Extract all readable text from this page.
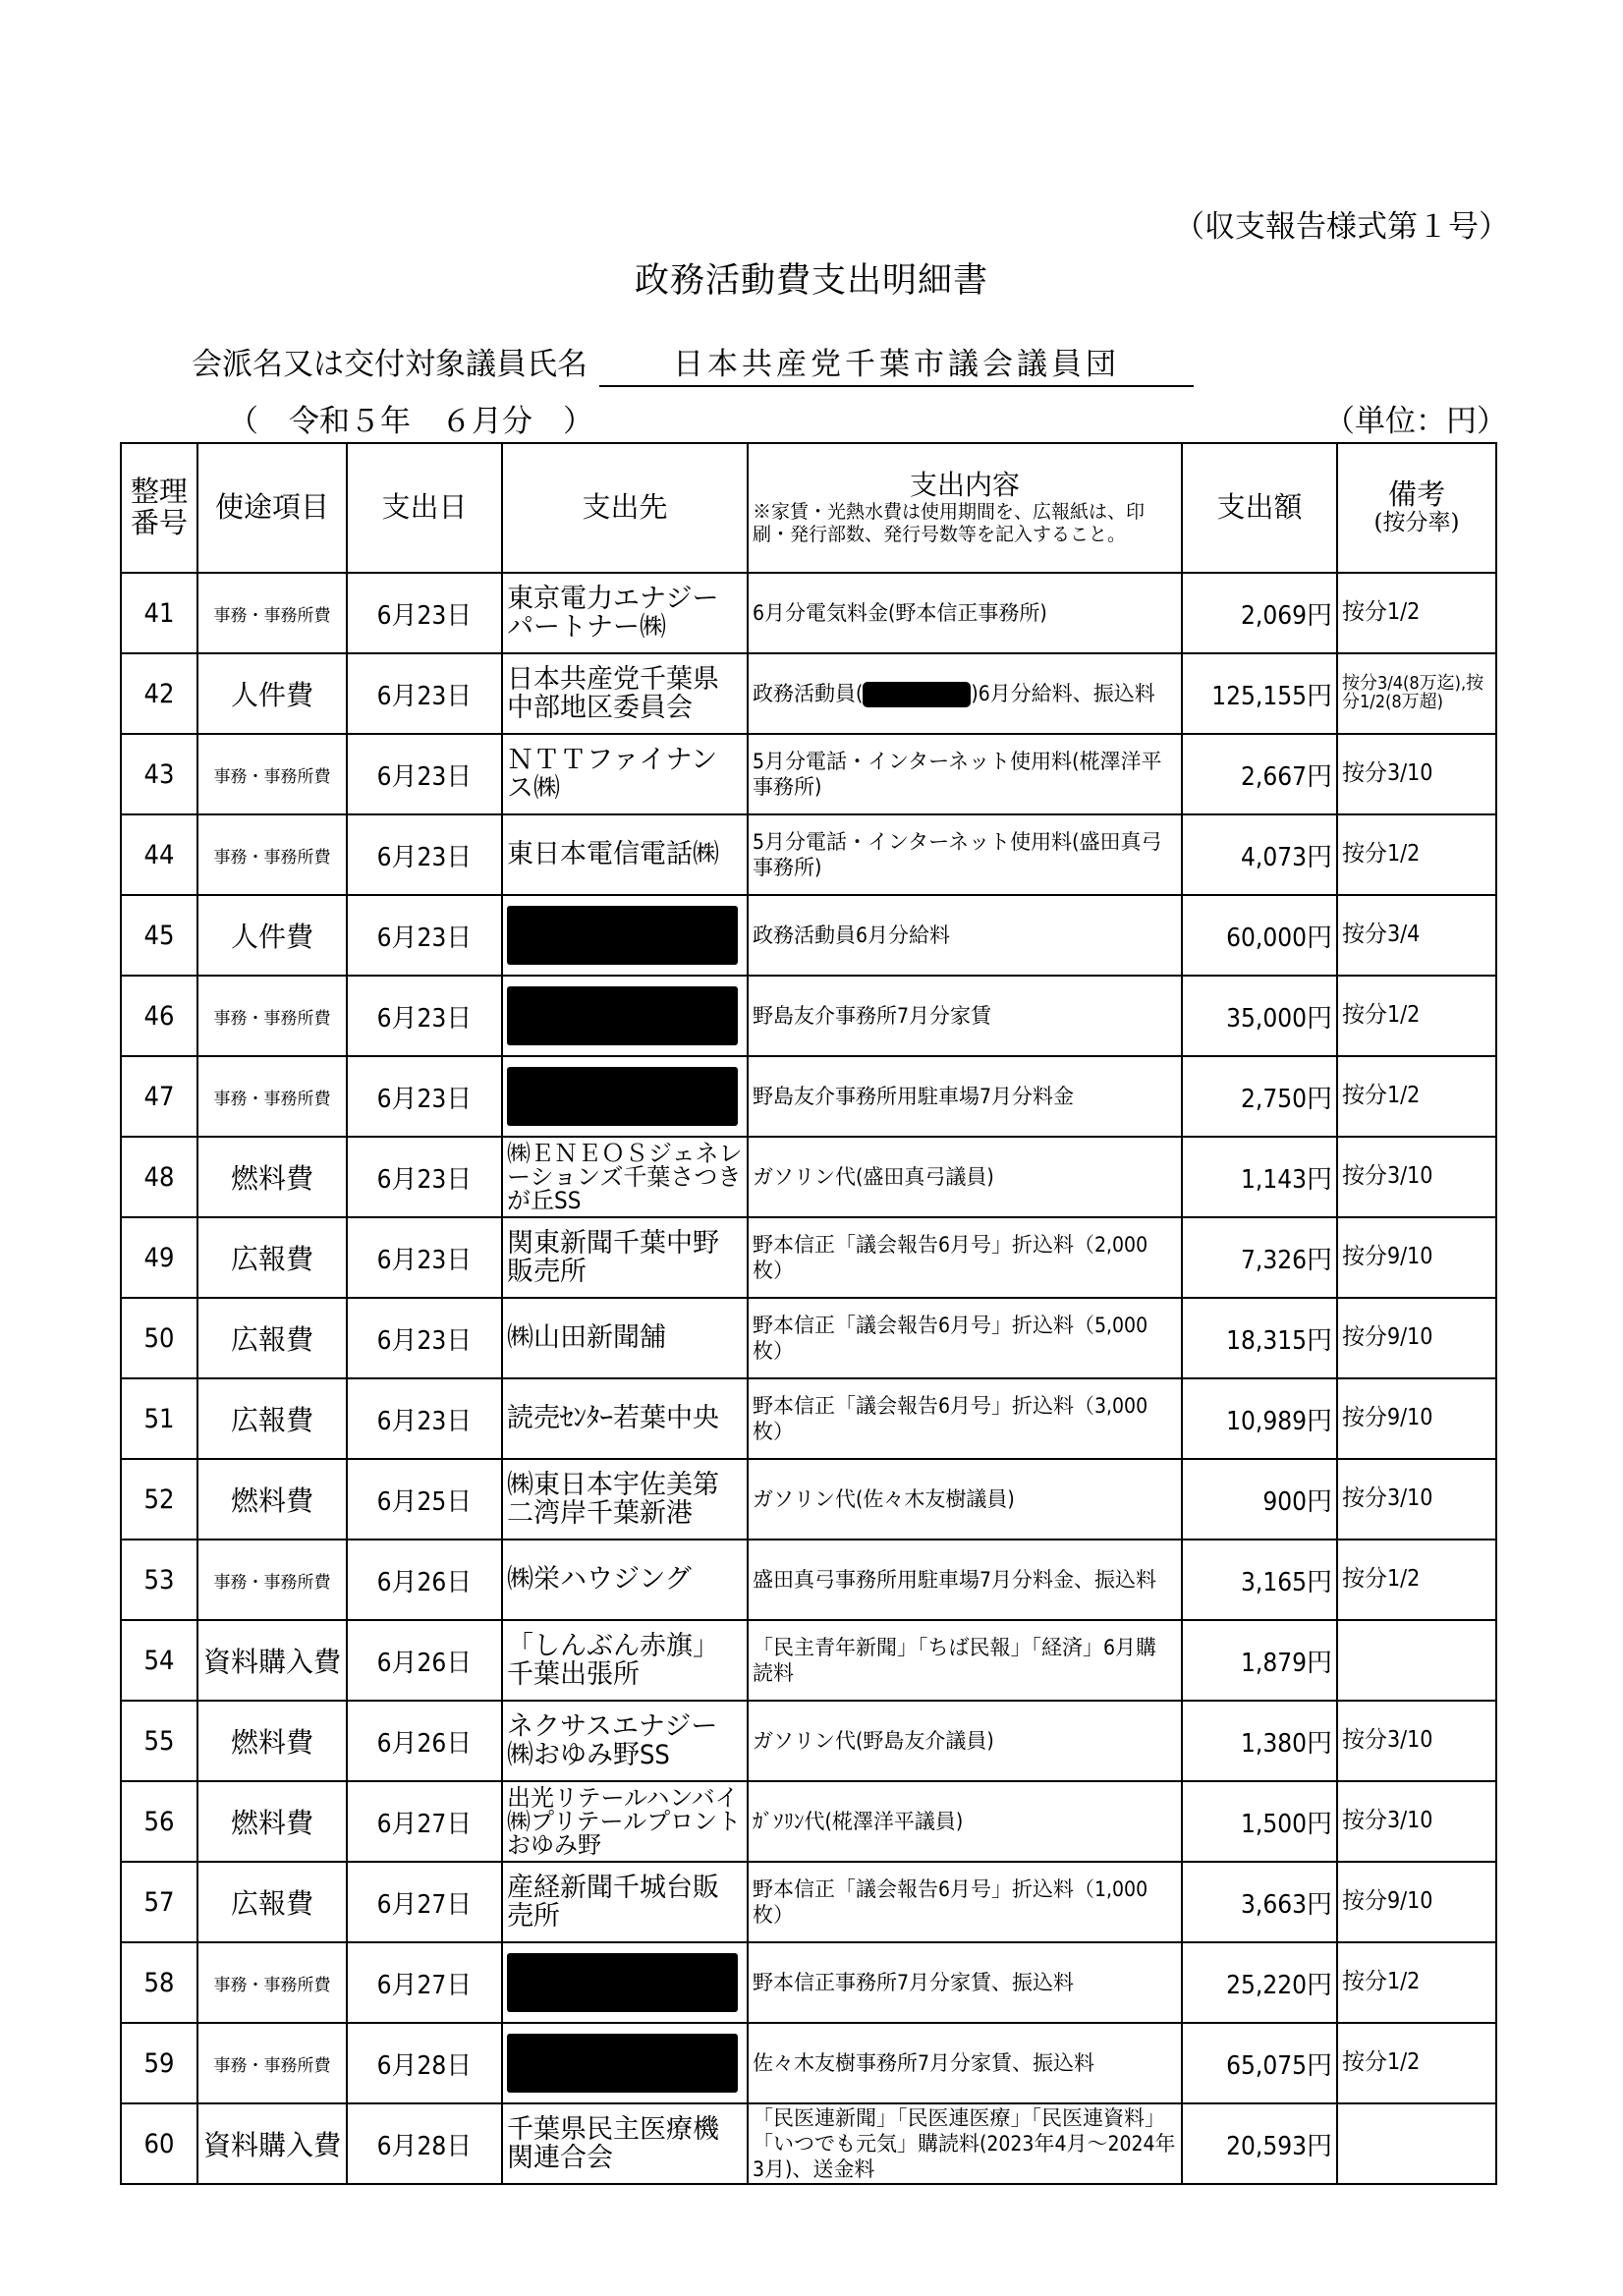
（収支報告様式第１号）
政務活動費支出明細書
会派名又は交付対象議員氏名	日本共産党千葉市議会議員団
（　令和５年　６月分　）	（単位：円）
整理番号	使途項目	支出日	支出先	支出内容
※家賃・光熱水費は使用期間を、広報紙は、印刷・発行部数、発行号数等を記入すること。	支出額	備考
(按分率)

41	事務・事務所費	6月23日	東京電力エナジーパートナー㈱	6月分電気料金(野本信正事務所)	2,069円	按分1/2
42	人件費	6月23日	日本共産党千葉県中部地区委員会	政務活動員( )6月分給料、振込料	125,155円	按分3/4(8万迄),按分1/2(8万超)
43	事務・事務所費	6月23日	ＮＴＴファイナンス㈱	5月分電話・インターネット使用料(椛澤洋平事務所)	2,667円	按分3/10
44	事務・事務所費	6月23日	東日本電信電話㈱	5月分電話・インターネット使用料(盛田真弓事務所)	4,073円	按分1/2
45	人件費	6月23日		政務活動員6月分給料	60,000円	按分3/4
46	事務・事務所費	6月23日		野島友介事務所7月分家賃	35,000円	按分1/2
47	事務・事務所費	6月23日		野島友介事務所用駐車場7月分料金	2,750円	按分1/2
48	燃料費	6月23日	㈱ＥＮＥＯＳジェネレーションズ千葉さつきが丘SS	ガソリン代(盛田真弓議員)	1,143円	按分3/10
49	広報費	6月23日	関東新聞千葉中野販売所	野本信正「議会報告6月号」折込料（2,000枚）	7,326円	按分9/10
50	広報費	6月23日	㈱山田新聞舗	野本信正「議会報告6月号」折込料（5,000枚）	18,315円	按分9/10
51	広報費	6月23日	読売ｾﾝﾀｰ若葉中央	野本信正「議会報告6月号」折込料（3,000枚）	10,989円	按分9/10
52	燃料費	6月25日	㈱東日本宇佐美第二湾岸千葉新港	ガソリン代(佐々木友樹議員)	900円	按分3/10
53	事務・事務所費	6月26日	㈱栄ハウジング	盛田真弓事務所用駐車場7月分料金、振込料	3,165円	按分1/2
54	資料購入費	6月26日	「しんぶん赤旗」千葉出張所	「民主青年新聞」「ちば民報」「経済」6月購読料	1,879円	
55	燃料費	6月26日	ネクサスエナジー㈱おゆみ野SS	ガソリン代(野島友介議員)	1,380円	按分3/10
56	燃料費	6月27日	出光リテールハンバイ㈱プリテールプロントおゆみ野	ｶﾞｿﾘﾝ代(椛澤洋平議員)	1,500円	按分3/10
57	広報費	6月27日	産経新聞千城台販売所	野本信正「議会報告6月号」折込料（1,000枚）	3,663円	按分9/10
58	事務・事務所費	6月27日		野本信正事務所7月分家賃、振込料	25,220円	按分1/2
59	事務・事務所費	6月28日		佐々木友樹事務所7月分家賃、振込料	65,075円	按分1/2
60	資料購入費	6月28日	千葉県民主医療機関連合会	「民医連新聞」「民医連医療」「民医連資料」「いつでも元気」購読料(2023年4月～2024年3月)、送金料	20,593円	
